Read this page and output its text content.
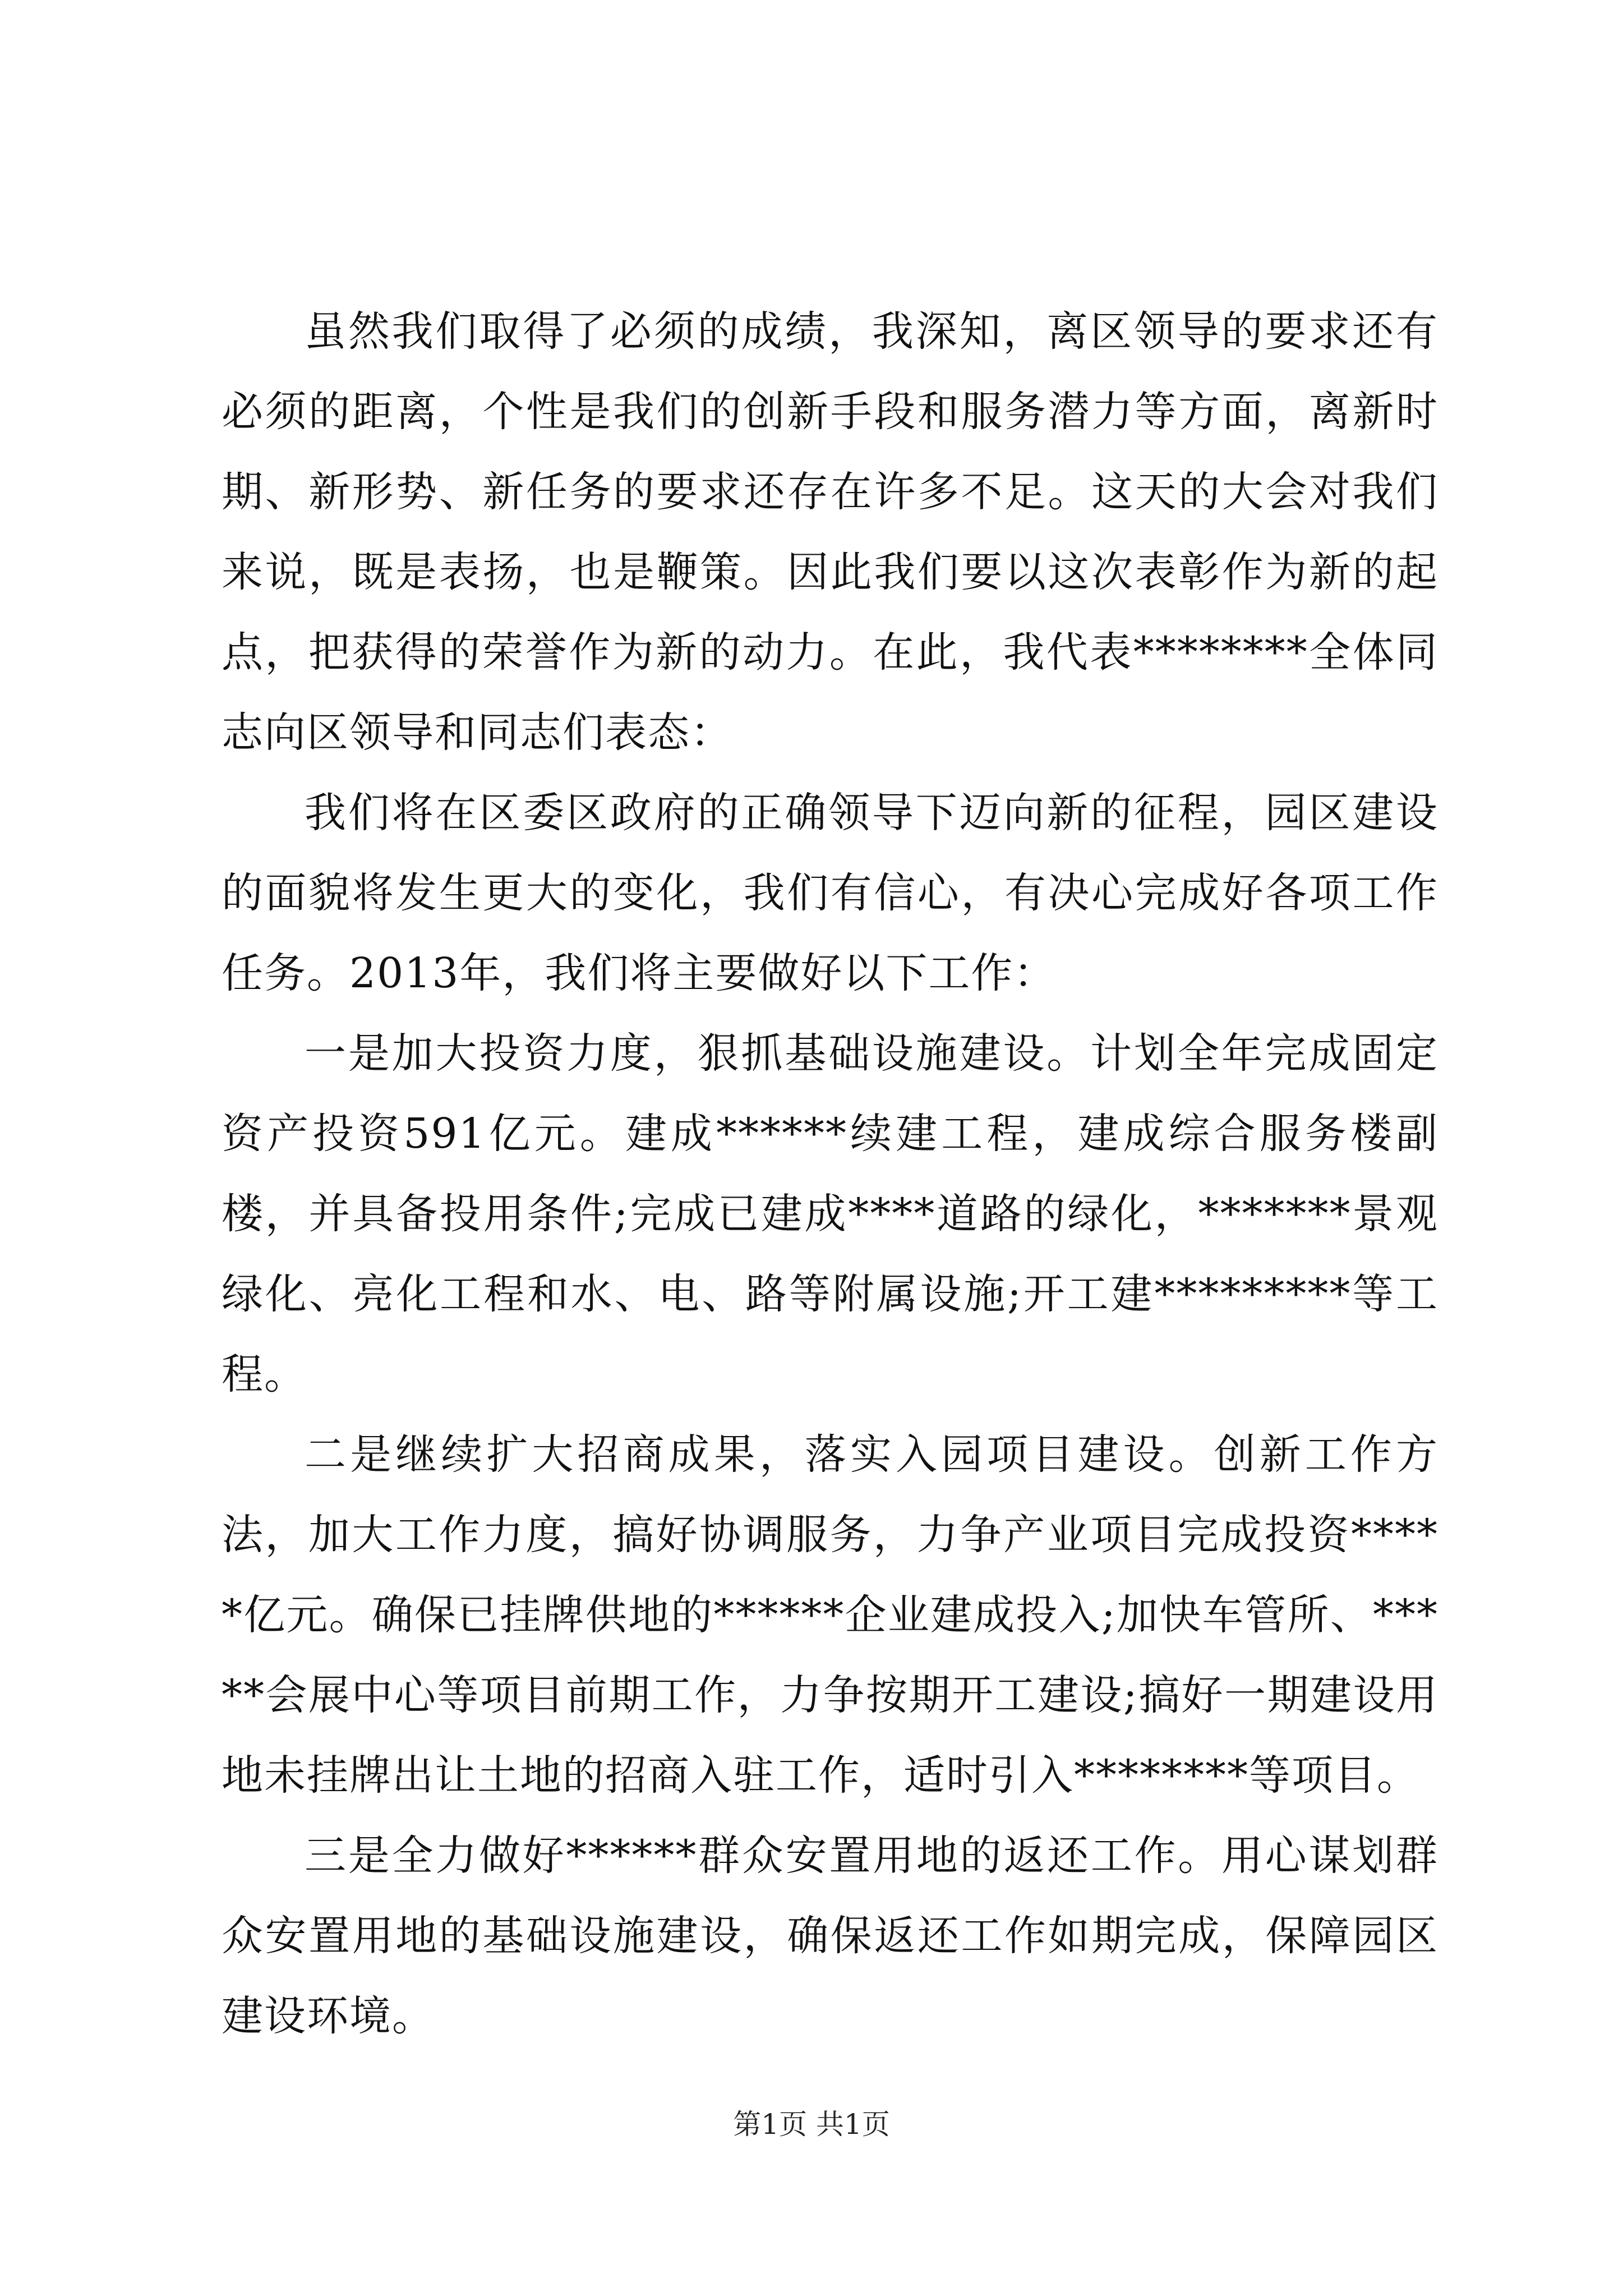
虽然我们取得了必须的成绩，我深知，离区领导的要求还有必须的距离，个性是我们的创新手段和服务潜力等方面，离新时期、新形势、新任务的要求还存在许多不足。这天的大会对我们来说，既是表扬，也是鞭策。因此我们要以这次表彰作为新的起点，把获得的荣誉作为新的动力。在此，我代表********全体同志向区领导和同志们表态：

我们将在区委区政府的正确领导下迈向新的征程，园区建设的面貌将发生更大的变化，我们有信心，有决心完成好各项工作任务。2013年，我们将主要做好以下工作：

一是加大投资力度，狠抓基础设施建设。计划全年完成固定资产投资591亿元。建成******续建工程，建成综合服务楼副楼，并具备投用条件;完成已建成****道路的绿化，*******景观绿化、亮化工程和水、电、路等附属设施;开工建*********等工程。

二是继续扩大招商成果，落实入园项目建设。创新工作方法，加大工作力度，搞好协调服务，力争产业项目完成投资*****亿元。确保已挂牌供地的******企业建成投入;加快车管所、*****会展中心等项目前期工作，力争按期开工建设;搞好一期建设用地未挂牌出让土地的招商入驻工作，适时引入********等项目。

三是全力做好******群众安置用地的返还工作。用心谋划群众安置用地的基础设施建设，确保返还工作如期完成，保障园区建设环境。

第1页 共1页
